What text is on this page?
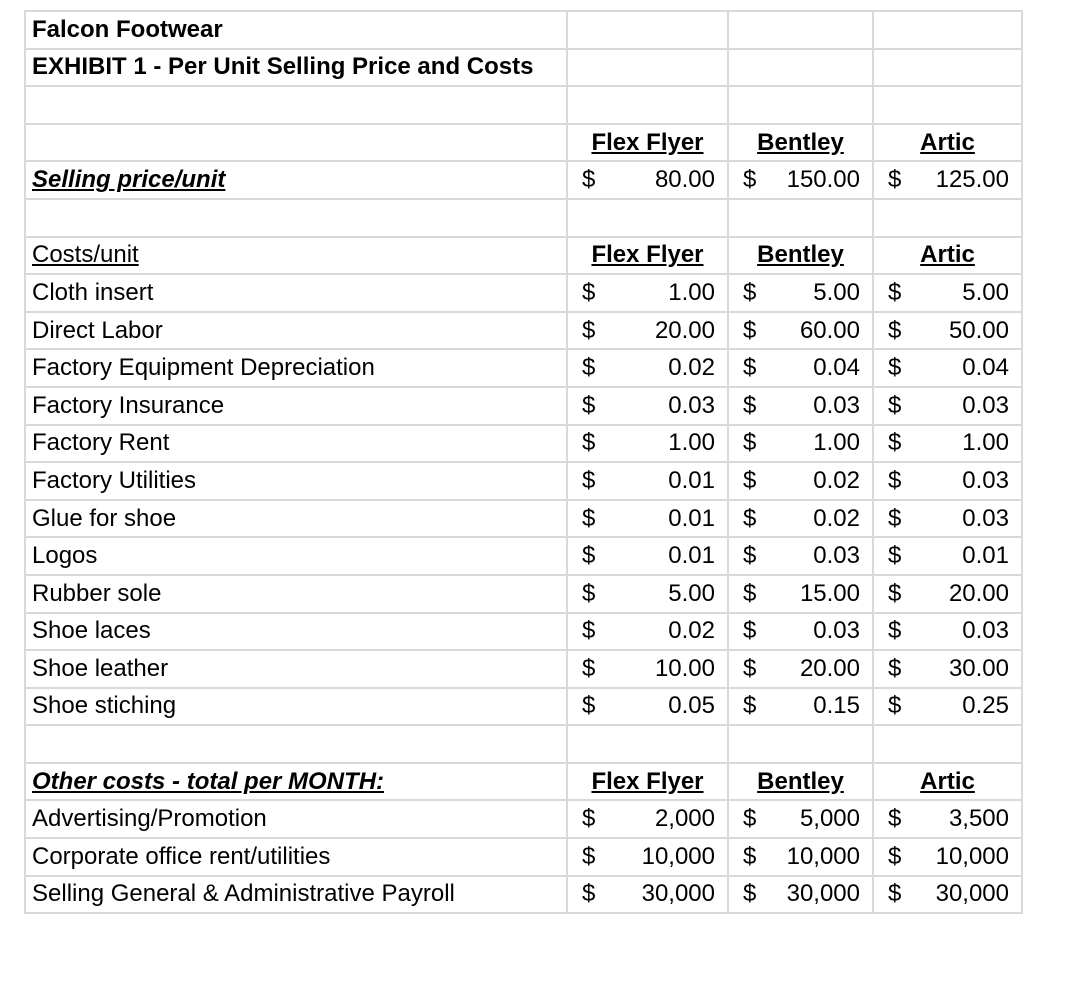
Falcon Footwear			
EXHIBIT 1 - Per Unit Selling Price and Costs			

	Flex Flyer	Bentley	Artic
Selling price/unit	$ 80.00	$ 150.00	$ 125.00

Costs/unit	Flex Flyer	Bentley	Artic
Cloth insert	$ 1.00	$ 5.00	$ 5.00

Direct Labor	$ 20.00	$ 60.00	$ 50.00

Factory Equipment Depreciation	$ 0.02	$ 0.04	$ 0.04

Factory Insurance	$ 0.03	$ 0.03	$ 0.03

Factory Rent	$ 1.00	$ 1.00	$ 1.00

Factory Utilities	$ 0.01	$ 0.02	$ 0.03

Glue for shoe	$ 0.01	$ 0.02	$ 0.03

Logos	$ 0.01	$ 0.03	$ 0.01

Rubber sole	$ 5.00	$ 15.00	$ 20.00

Shoe laces	$ 0.02	$ 0.03	$ 0.03

Shoe leather	$ 10.00	$ 20.00	$ 30.00

Shoe stiching	$ 0.05	$ 0.15	$ 0.25

Other costs - total per MONTH:	Flex Flyer	Bentley	Artic
Advertising/Promotion	$ 2,000	$ 5,000	$ 3,500

Corporate office rent/utilities	$ 10,000	$ 10,000	$ 10,000

Selling General & Administrative Payroll	$ 30,000	$ 30,000	$ 30,000
